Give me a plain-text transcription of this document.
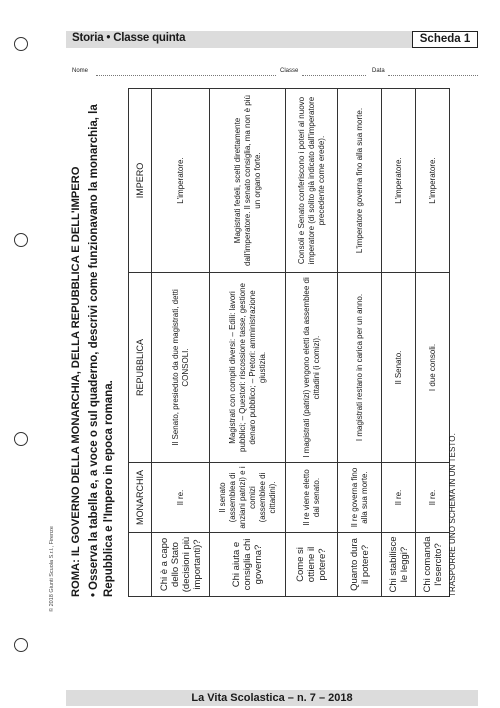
Storia • Classe quinta	Scheda 1
Nome	Classe	Data
© 2018 Giunti Scuola S.r.l., Firenze ROMA: IL GOVERNO DELLA MONARCHIA, DELLA REPUBBLICA E DELL'IMPERO •Osserva la tabella e, a voce o sul quaderno, descrivi come funzionavano la monarchia, la Repubblica e l'Impero in epoca romana.
	MONARCHIA	REPUBBLICA	IMPERO
Chi è a capo dello Stato (decisioni più importanti)?	Il re.	Il Senato, presieduto da due magistrati, detti CONSOLI.	L'imperatore.
Chi aiuta e consiglia chi governa?	Il senato (assemblea di anziani patrizi) e i comizi (assemblee di cittadini).	Magistrati con compiti diversi: – Edili: lavori pubblici; – Questori: riscossione tasse, gestione denaro pubblico; – Pretori: amministrazione giustizia.	Magistrati fedeli, scelti direttamente dall'imperatore. Il senato consiglia, ma non è più un organo forte.
Come si ottiene il potere?	Il re viene eletto dal senato.	I magistrati (patrizi) vengono eletti da assemblee di cittadini (i comizi).	Consoli e Senato conferiscono i poteri al nuovo imperatore (di solito già indicato dall'imperatore precedente come erede).
Quanto dura il potere?	Il re governa fino alla sua morte.	I magistrati restano in carica per un anno.	L'imperatore governa fino alla sua morte.
Chi stabilisce le leggi?	Il re.	Il Senato.	L'imperatore.
Chi comanda l'esercito?	Il re.	I due consoli.	L'imperatore.
TRASPORRE UNO SCHEMA IN UN TESTO.
La Vita Scolastica – n. 7 – 2018
